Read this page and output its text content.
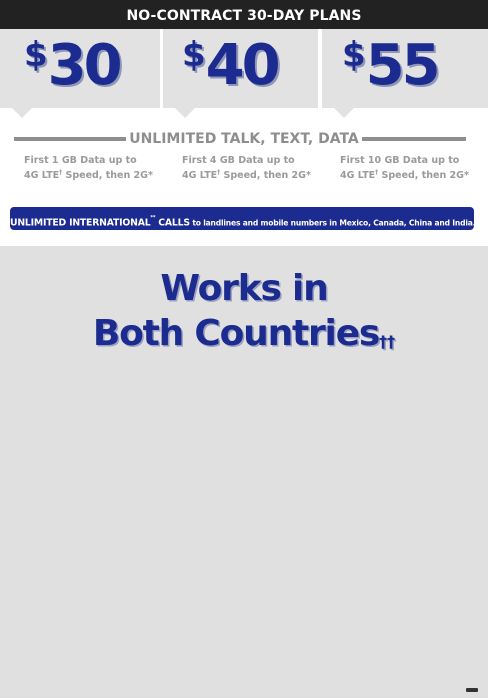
NO-CONTRACT 30-DAY PLANS
$30 $40 $55
UNLIMITED TALK, TEXT, DATA
First 1 GB Data up to
4G LTE† Speed, then 2G*
First 4 GB Data up to
4G LTE† Speed, then 2G*
First 10 GB Data up to
4G LTE† Speed, then 2G*
UNLIMITED INTERNATIONAL** CALLS to landlines and mobile numbers in Mexico, Canada, China and India.
Works in
Both Countries††
